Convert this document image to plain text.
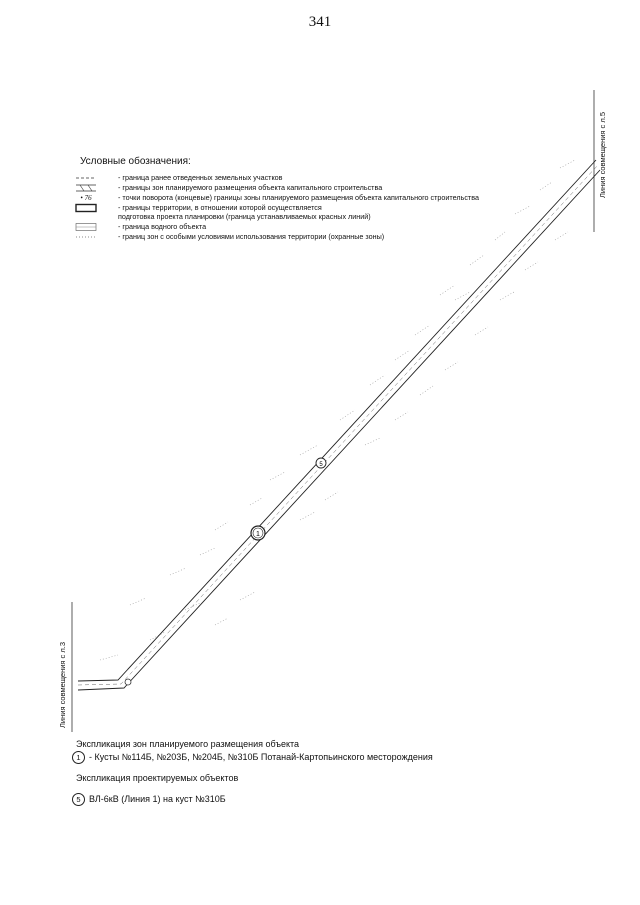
341
Условные обозначения:
- граница ранее отведенных земельных участков
- границы зон планируемого размещения объекта капитального строительства
• 76	- точки поворота (концевые) границы зоны планируемого размещения объекта капитального строительства
- границы территории, в отношении которой осуществляется
подготовка проекта планировки (граница устанавливаемых красных линий)
- граница водного объекта
- границ зон с особыми условиями использования территории (охранные зоны)
1
5
Линия совмещения с л.5
Линия совмещения с л.3
Экспликация зон планируемого размещения объекта
1 - Кусты №114Б, №203Б, №204Б, №310Б Потанай-Картопьинского месторождения
Экспликация проектируемых объектов
5 ВЛ-6кВ (Линия 1) на куст №310Б
